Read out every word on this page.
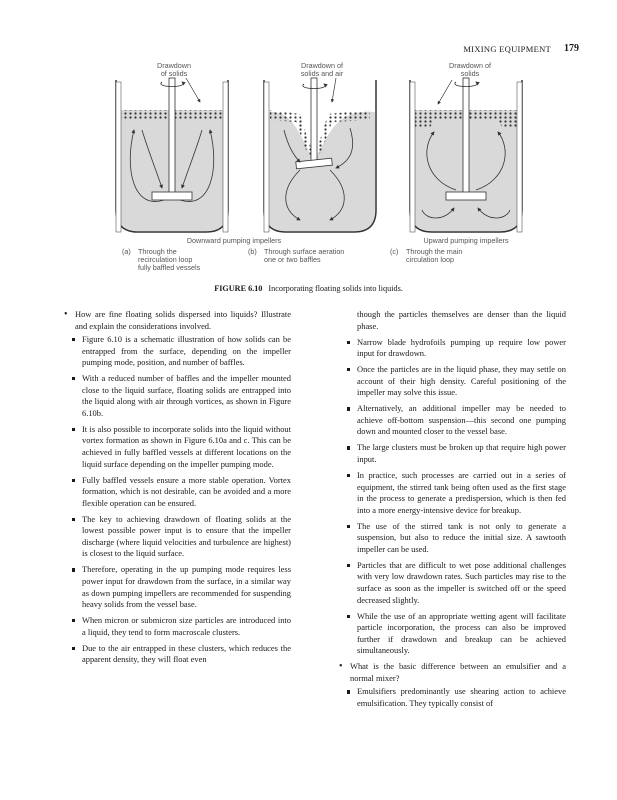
MIXING EQUIPMENT 179
Drawdown
of solids
Drawdown of
solids and air
Drawdown of
solids
Downward pumping impellers	Upward pumping impellers
(a) Through the
recirculation loop
fully baffled vessels
(b) Through surface aeration
one or two baffles
(c) Through the main
circulation loop
FIGURE 6.10 Incorporating floating solids into liquids.
• How are fine floating solids dispersed into liquids? Illustrate and explain the considerations involved.
Figure 6.10 is a schematic illustration of how solids can be entrapped from the surface, depending on the impeller pumping mode, position, and number of baffles.
With a reduced number of baffles and the impeller mounted close to the liquid surface, floating solids are entrapped into the liquid along with air through vortices, as shown in Figure 6.10b.
It is also possible to incorporate solids into the liquid without vortex formation as shown in Figure 6.10a and c. This can be achieved in fully baffled vessels at different locations on the liquid surface depending on the impeller pumping mode.
Fully baffled vessels ensure a more stable operation. Vortex formation, which is not desirable, can be avoided and a more flexible operation can be ensured.
The key to achieving drawdown of floating solids at the lowest possible power input is to ensure that the impeller discharge (where liquid velocities and turbulence are highest) is closest to the liquid surface.
Therefore, operating in the up pumping mode requires less power input for drawdown from the surface, in a similar way as down pumping impellers are recommended for suspending heavy solids from the vessel base.
When micron or submicron size particles are introduced into a liquid, they tend to form macroscale clusters.
Due to the air entrapped in these clusters, which reduces the apparent density, they will float even
though the particles themselves are denser than the liquid phase.
Narrow blade hydrofoils pumping up require low power input for drawdown.
Once the particles are in the liquid phase, they may settle on account of their high density. Careful positioning of the impeller may solve this issue.
Alternatively, an additional impeller may be needed to achieve off-bottom suspension—this second one pumping down and mounted closer to the vessel base.
The large clusters must be broken up that require high power input.
In practice, such processes are carried out in a series of equipment, the stirred tank being often used as the first stage in the process to generate a predispersion, which is then fed into a more energy-intensive device for breakup.
The use of the stirred tank is not only to generate a suspension, but also to reduce the initial size. A sawtooth impeller can be used.
Particles that are difficult to wet pose additional challenges with very low drawdown rates. Such particles may rise to the surface as soon as the impeller is switched off or the speed decreased slightly.
While the use of an appropriate wetting agent will facilitate particle incorporation, the process can also be improved further if drawdown and breakup can be achieved simultaneously.
• What is the basic difference between an emulsifier and a normal mixer?
Emulsifiers predominantly use shearing action to achieve emulsification. They typically consist of
